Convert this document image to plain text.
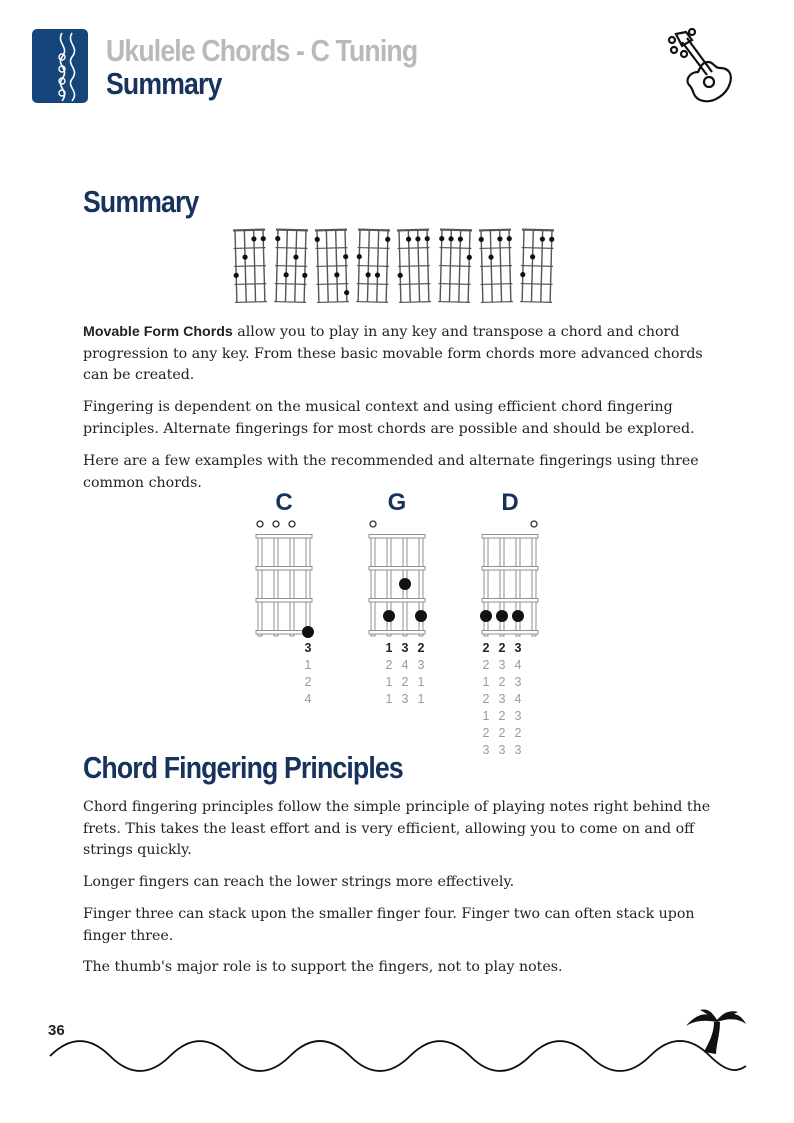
Ukulele Chords - C Tuning
Summary
Summary
Movable Form Chords allow you to play in any key and transpose a chord and chord progression to any key. From these basic movable form chords more advanced chords can be created.
Fingering is dependent on the musical context and using efficient chord fingering principles. Alternate fingerings for most chords are possible and should be explored.
Here are a few examples with the recommended and alternate fingerings using three common chords.
C
3
1
2
4
G
1 3 2
2 4 3
1 2 1
1 3 1
D
2 2 3
2 3 4
1 2 3
2 3 4
1 2 3
2 2 2
3 3 3
Chord Fingering Principles
Chord fingering principles follow the simple principle of playing notes right behind the frets. This takes the least effort and is very efficient, allowing you to come on and off strings quickly.
Longer fingers can reach the lower strings more effectively.
Finger three can stack upon the smaller finger four. Finger two can often stack upon finger three.
The thumb's major role is to support the fingers, not to play notes.
36
